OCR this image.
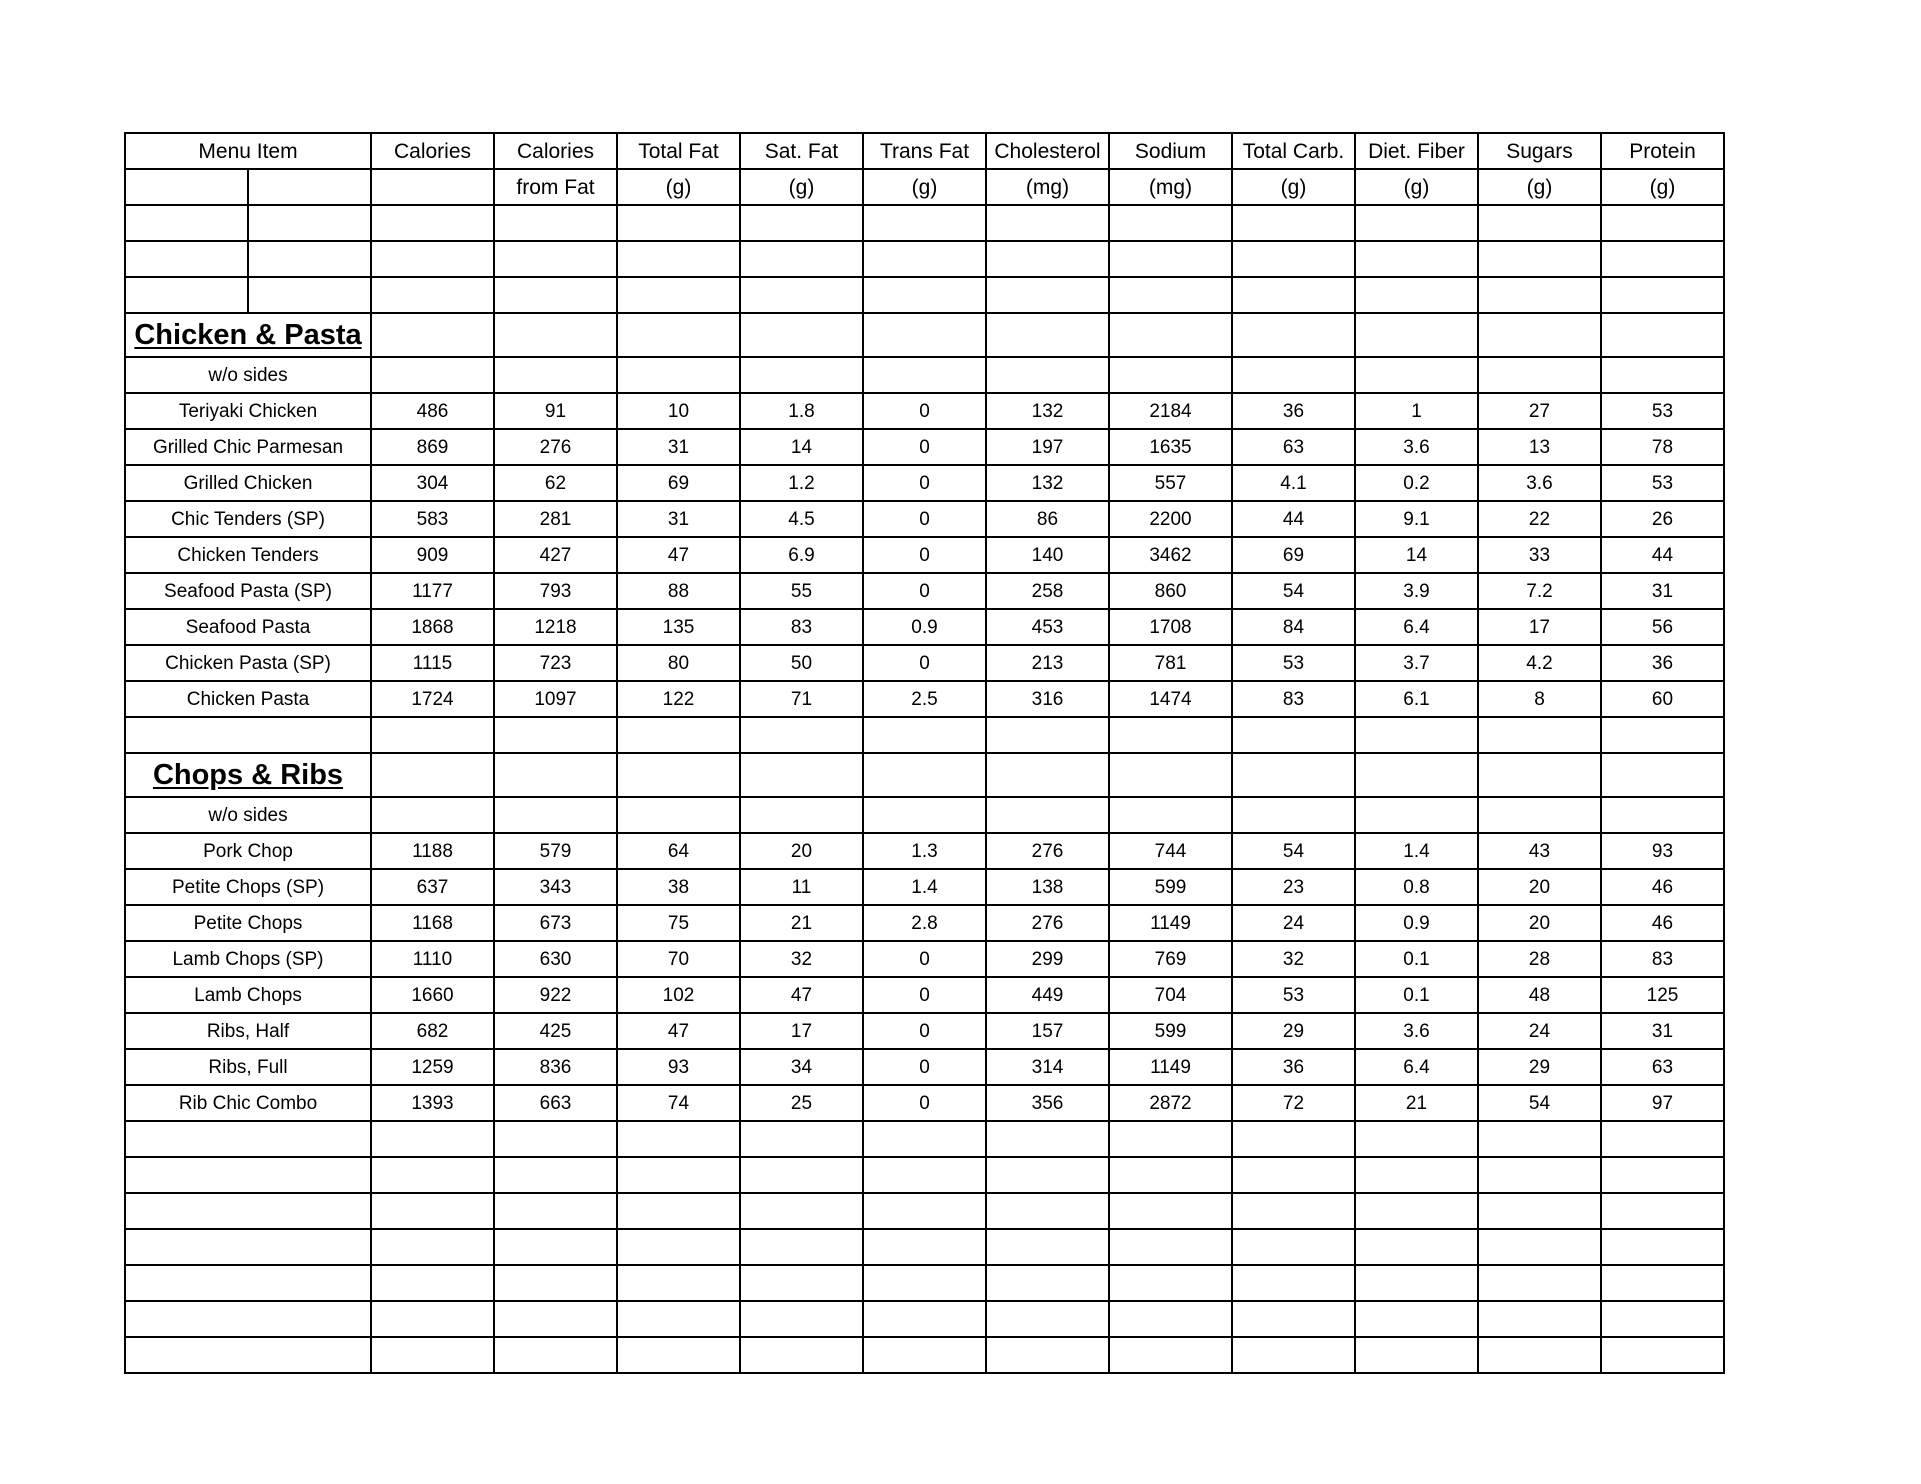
Menu Item		Calories	Calories	Total Fat	Sat. Fat	Trans Fat	Cholesterol	Sodium	Total Carb.	Diet. Fiber	Sugars	Protein
			from Fat	(g)	(g)	(g)	(mg)	(mg)	(g)	(g)	(g)	(g)

Chicken & Pasta												
w/o sides												
Teriyaki Chicken		486	91	10	1.8	0	132	2184	36	1	27	53
Grilled Chic Parmesan		869	276	31	14	0	197	1635	63	3.6	13	78
Grilled Chicken		304	62	69	1.2	0	132	557	4.1	0.2	3.6	53
Chic Tenders (SP)		583	281	31	4.5	0	86	2200	44	9.1	22	26
Chicken Tenders		909	427	47	6.9	0	140	3462	69	14	33	44
Seafood Pasta (SP)		1177	793	88	55	0	258	860	54	3.9	7.2	31
Seafood Pasta		1868	1218	135	83	0.9	453	1708	84	6.4	17	56
Chicken Pasta (SP)		1115	723	80	50	0	213	781	53	3.7	4.2	36
Chicken Pasta		1724	1097	122	71	2.5	316	1474	83	6.1	8	60

Chops & Ribs												
w/o sides												
Pork Chop		1188	579	64	20	1.3	276	744	54	1.4	43	93
Petite Chops (SP)		637	343	38	11	1.4	138	599	23	0.8	20	46
Petite Chops		1168	673	75	21	2.8	276	1149	24	0.9	20	46
Lamb Chops (SP)		1110	630	70	32	0	299	769	32	0.1	28	83
Lamb Chops		1660	922	102	47	0	449	704	53	0.1	48	125
Ribs, Half		682	425	47	17	0	157	599	29	3.6	24	31
Ribs, Full		1259	836	93	34	0	314	1149	36	6.4	29	63
Rib Chic Combo		1393	663	74	25	0	356	2872	72	21	54	97
